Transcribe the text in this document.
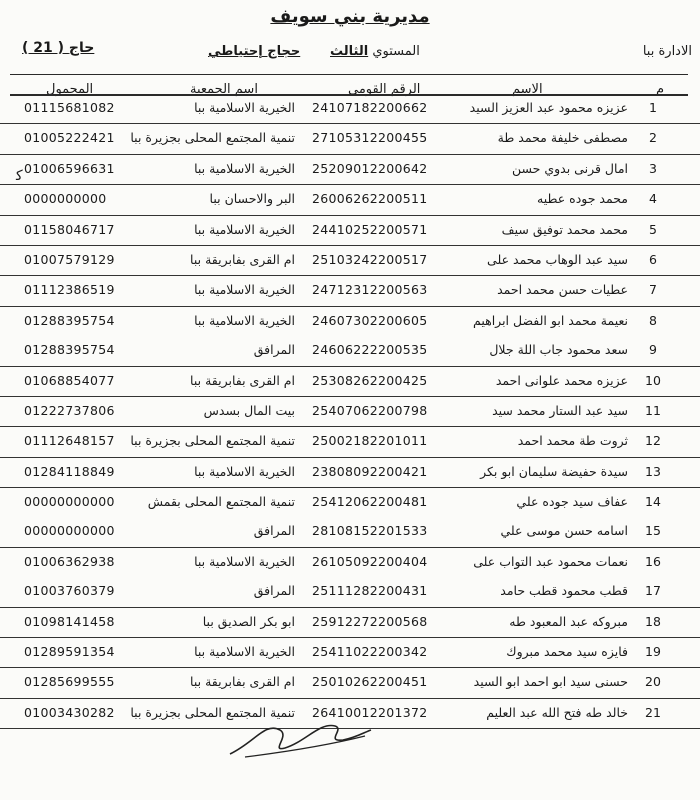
مديرية بني سويف
الادارة ببا
المستوي الثالث
حجاج إحتياطي
( 21 ) حاج
م
الاسم
الرقم القومي
اسم الجمعية
المحمول
1
عزيزه محمود عبد العزيز السيد
24107182200662
الخيرية الاسلامية ببا
01115681082
2
مصطفى خليفة محمد طة
27105312200455
تنمية المجتمع المحلى بجزيرة ببا
01005222421
3
امال قرنى بدوي حسن
25209012200642
الخيرية الاسلامية ببا
01006596631
4
محمد جوده عطيه
26006262200511
البر والاحسان ببا
0000000000
5
محمد محمد توفيق سيف
24410252200571
الخيرية الاسلامية ببا
01158046717
6
سيد عبد الوهاب محمد على
25103242200517
ام القرى بفابريقة ببا
01007579129
7
عطيات حسن محمد احمد
24712312200563
الخيرية الاسلامية ببا
01112386519
8
نعيمة محمد ابو الفضل ابراهيم
24607302200605
الخيرية الاسلامية ببا
01288395754
9
سعد محمود جاب اللة جلال
24606222200535
المرافق
01288395754
10
عزيزه محمد علوانى احمد
25308262200425
ام القرى بفابريقة ببا
01068854077
11
سيد عبد الستار محمد سيد
25407062200798
بيت المال بسدس
01222737806
12
ثروت طة محمد احمد
25002182201011
تنمية المجتمع المحلى بجزيرة ببا
01112648157
13
سيدة حفيضة سليمان ابو بكر
23808092200421
الخيرية الاسلامية ببا
01284118849
14
عفاف سيد جوده علي
25412062200481
تنمية المجتمع المحلى بقمش
00000000000
15
اسامه حسن موسى علي
28108152201533
المرافق
00000000000
16
نعمات محمود عبد التواب على
26105092200404
الخيرية الاسلامية ببا
01006362938
17
قطب محمود قطب حامد
25111282200431
المرافق
01003760379
18
مبروكه عبد المعبود طه
25912272200568
ابو بكر الصديق ببا
01098141458
19
فايزه سيد محمد مبروك
25411022200342
الخيرية الاسلامية ببا
01289591354
20
حسنى سيد ابو احمد ابو السيد
25010262200451
ام القرى بفابريقة ببا
01285699555
21
خالد طه فتح الله عبد العليم
26410012201372
تنمية المجتمع المحلى بجزيرة ببا
01003430282
ﮐ
